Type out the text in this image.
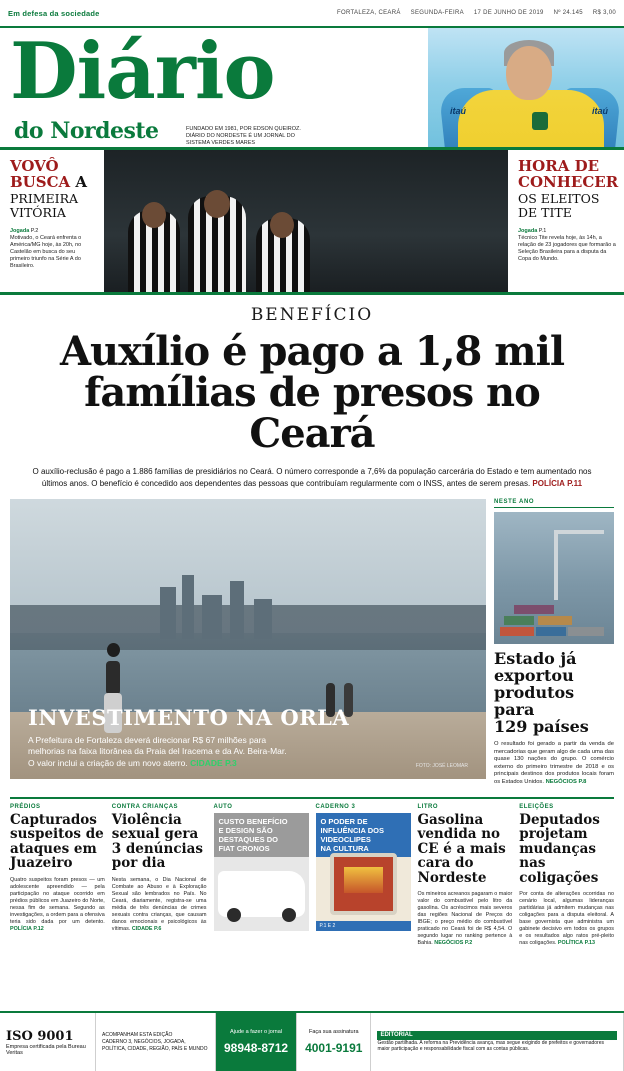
Em defesa da sociedade	FORTALEZA, CEARÁ SEGUNDA-FEIRA 17 DE JUNHO DE 2019 Nº 24.145 R$ 3,00
Diário
do Nordeste	FUNDADO EM 1981, POR EDSON QUEIROZ. DIÁRIO DO NORDESTE É UM JORNAL DO SISTEMA VERDES MARES
itaú	itaú
VOVÔ
BUSCA A
PRIMEIRA
VITÓRIA
Jogada P.2
Motivado, o Ceará enfrenta o América/MG hoje, às 20h, no Castelão em busca do seu primeiro triunfo na Série A do Brasileiro.
HORA DE
CONHECER
OS ELEITOS
DE TITE
Jogada P.1
Técnico Tite revela hoje, às 14h, a relação de 23 jogadores que formarão a Seleção Brasileira para a disputa da Copa do Mundo.
BENEFÍCIO
Auxílio é pago a 1,8 mil
famílias de presos no Ceará
O auxílio-reclusão é pago a 1.886 famílias de presidiários no Ceará. O número corresponde a 7,6% da população carcerária do Estado e tem aumentado nos últimos anos. O benefício é concedido aos dependentes das pessoas que contribuíam regularmente com o INSS, antes de serem presas. POLÍCIA P.11
INVESTIMENTO NA ORLA

A Prefeitura de Fortaleza deverá direcionar R$ 67 milhões para
melhorias na faixa litorânea da Praia del Iracema e da Av. Beira-Mar.
O valor inclui a criação de um novo aterro. CIDADE P.3	FOTO: JOSÉ LEOMAR
NESTE ANO
Estado já
exportou
produtos para
129 países
O resultado foi gerado a partir da venda de mercadorias que geram algo de cada uma das quase 130 nações do grupo. O comércio externo do primeiro trimestre de 2018 e os principais destinos dos produtos locais foram os Estados Unidos. NEGÓCIOS P.8
PRÉDIOS
Capturados suspeitos de ataques em Juazeiro
Quatro suspeitos foram presos — um adolescente apreendido — pela participação no ataque ocorrido em prédios públicos em Juazeiro do Norte, nessa fim de semana. Segundo as investigações, a ordem para a ofensiva teria sido dada por um detento. POLÍCIA P.12
CONTRA CRIANÇAS
Violência sexual gera 3 denúncias por dia
Nesta semana, o Dia Nacional de Combate ao Abuso e à Exploração Sexual são lembrados no País. No Ceará, diariamente, registra-se uma média de três denúncias de crimes sexuais contra crianças, que causam danos emocionais e psicológicos às vítimas. CIDADE P.6
AUTO
CUSTO BENEFÍCIO
E DESIGN SÃO
DESTAQUES DO
FIAT CRONOS
CADERNO 3
O PODER DE
INFLUÊNCIA DOS
VIDEOCLIPES
NA CULTURA
P.1 E 2
LITRO
Gasolina vendida no CE é a mais cara do Nordeste
Os mineiros acreanos pagaram o maior valor do combustível pelo litro da gasolina. Os acréscimos mais severos das regiões Nacional de Preços do IBGE; o preço médio do combustível praticado no Ceará foi de R$ 4,54. O segundo lugar no ranking pertence à Bahia. NEGÓCIOS P.2
ELEIÇÕES
Deputados projetam mudanças nas coligações
Por conta de alterações ocorridas no cenário local, algumas lideranças partidárias já admitem mudanças nas coligações para a disputa eleitoral. A base governista que administra um gabinete decisivo em todos os grupos e os resultados algo ratos pré-pleito nas coligações. POLÍTICA P.13
ISO 9001
Empresa certificada pela Bureau Veritas
ACOMPANHAM ESTA EDIÇÃO
CADERNO 3, NEGÓCIOS, JOGADA, POLÍTICA, CIDADE, REGIÃO, PAÍS E MUNDO
Ajude a fazer o jornal
98948-8712
Faça sua assinatura
4001-9191
EDITORIAL
Gestão partilhada. A reforma na Previdência avança, mas segue exigindo de prefeitos e governadores maior participação e responsabilidade fiscal com as contas públicas.
